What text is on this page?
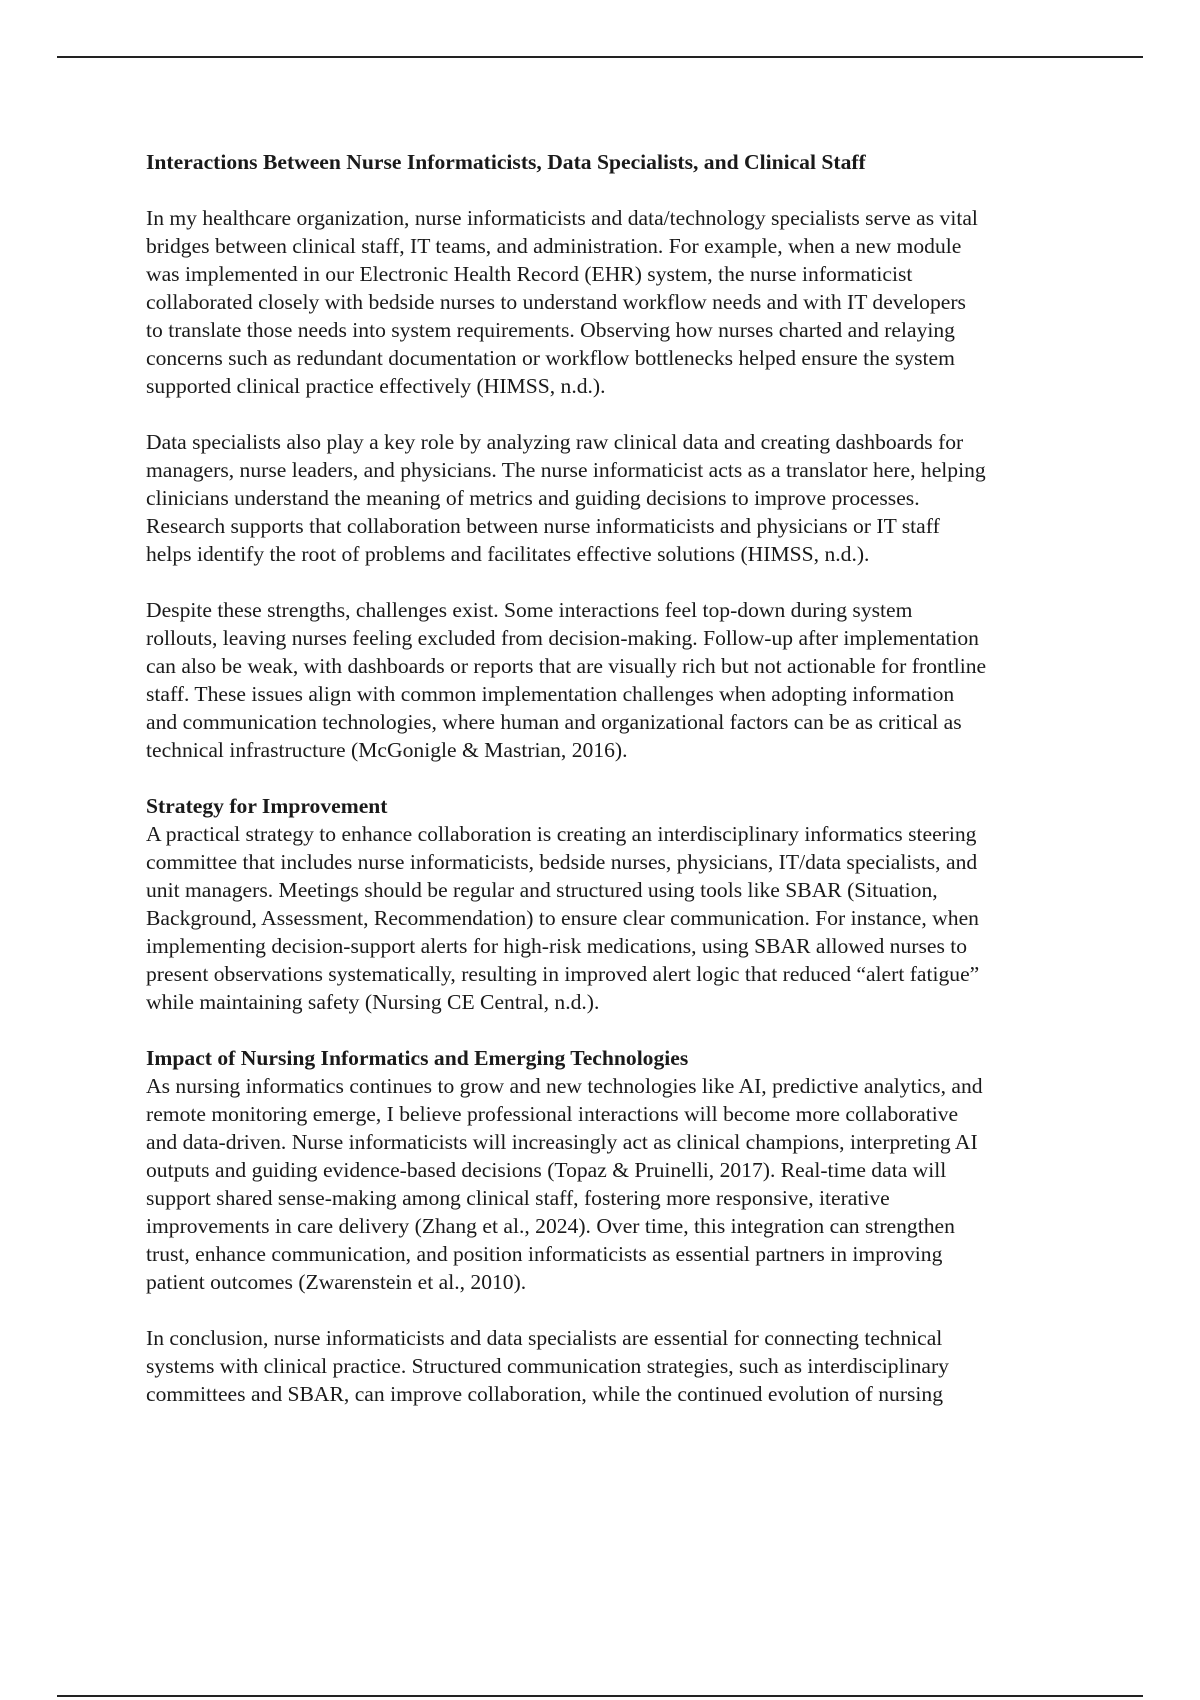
Interactions Between Nurse Informaticists, Data Specialists, and Clinical Staff

In my healthcare organization, nurse informaticists and data/technology specialists serve as vital
bridges between clinical staff, IT teams, and administration. For example, when a new module
was implemented in our Electronic Health Record (EHR) system, the nurse informaticist
collaborated closely with bedside nurses to understand workflow needs and with IT developers
to translate those needs into system requirements. Observing how nurses charted and relaying
concerns such as redundant documentation or workflow bottlenecks helped ensure the system
supported clinical practice effectively (HIMSS, n.d.).

Data specialists also play a key role by analyzing raw clinical data and creating dashboards for
managers, nurse leaders, and physicians. The nurse informaticist acts as a translator here, helping
clinicians understand the meaning of metrics and guiding decisions to improve processes.
Research supports that collaboration between nurse informaticists and physicians or IT staff
helps identify the root of problems and facilitates effective solutions (HIMSS, n.d.).

Despite these strengths, challenges exist. Some interactions feel top-down during system
rollouts, leaving nurses feeling excluded from decision-making. Follow-up after implementation
can also be weak, with dashboards or reports that are visually rich but not actionable for frontline
staff. These issues align with common implementation challenges when adopting information
and communication technologies, where human and organizational factors can be as critical as
technical infrastructure (McGonigle & Mastrian, 2016).

Strategy for Improvement

A practical strategy to enhance collaboration is creating an interdisciplinary informatics steering
committee that includes nurse informaticists, bedside nurses, physicians, IT/data specialists, and
unit managers. Meetings should be regular and structured using tools like SBAR (Situation,
Background, Assessment, Recommendation) to ensure clear communication. For instance, when
implementing decision-support alerts for high-risk medications, using SBAR allowed nurses to
present observations systematically, resulting in improved alert logic that reduced “alert fatigue”
while maintaining safety (Nursing CE Central, n.d.).

Impact of Nursing Informatics and Emerging Technologies

As nursing informatics continues to grow and new technologies like AI, predictive analytics, and
remote monitoring emerge, I believe professional interactions will become more collaborative
and data-driven. Nurse informaticists will increasingly act as clinical champions, interpreting AI
outputs and guiding evidence-based decisions (Topaz & Pruinelli, 2017). Real-time data will
support shared sense-making among clinical staff, fostering more responsive, iterative
improvements in care delivery (Zhang et al., 2024). Over time, this integration can strengthen
trust, enhance communication, and position informaticists as essential partners in improving
patient outcomes (Zwarenstein et al., 2010).

In conclusion, nurse informaticists and data specialists are essential for connecting technical
systems with clinical practice. Structured communication strategies, such as interdisciplinary
committees and SBAR, can improve collaboration, while the continued evolution of nursing
